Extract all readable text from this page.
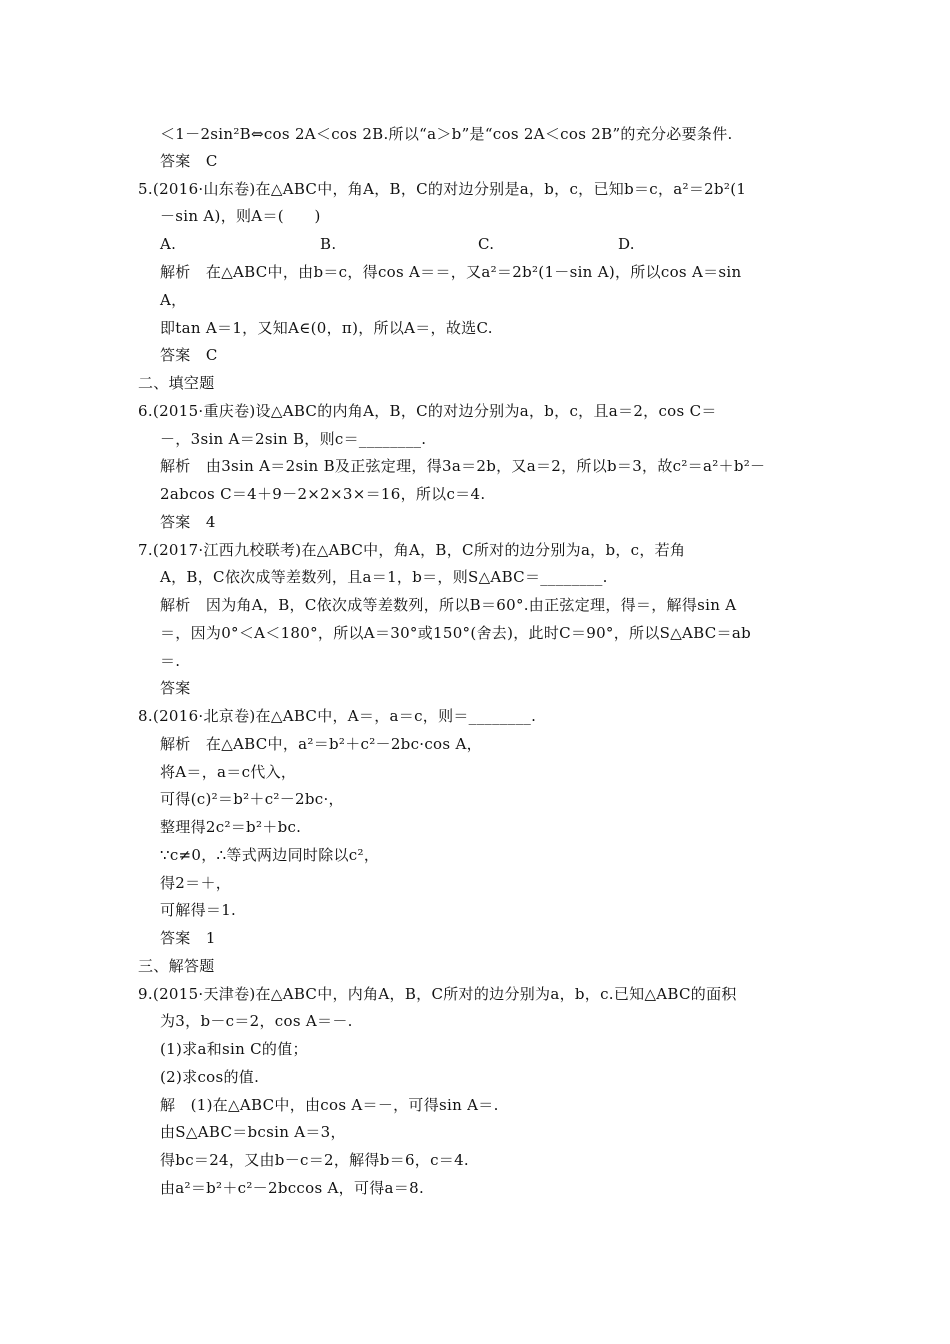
＜1－2sin²B⇔cos 2A＜cos 2B.所以“a＞b”是“cos 2A＜cos 2B”的充分必要条件.
答案　C
5.(2016·山东卷)在△ABC中，角A，B，C的对边分别是a，b，c，已知b＝c，a²＝2b²(1
－sin A)，则A＝(　　)
A.	B.	C.	D.
解析　在△ABC中，由b＝c，得cos A＝＝，又a²＝2b²(1－sin A)，所以cos A＝sin
A，
即tan A＝1，又知A∈(0，π)，所以A＝，故选C.
答案　C
二、填空题
6.(2015·重庆卷)设△ABC的内角A，B，C的对边分别为a，b，c，且a＝2，cos C＝
－，3sin A＝2sin B，则c＝________.
解析　由3sin A＝2sin B及正弦定理，得3a＝2b，又a＝2，所以b＝3，故c²＝a²＋b²－
2abcos C＝4＋9－2×2×3×＝16，所以c＝4.
答案　4
7.(2017·江西九校联考)在△ABC中，角A，B，C所对的边分别为a，b，c，若角
A，B，C依次成等差数列，且a＝1，b＝，则S△ABC＝________.
解析　因为角A，B，C依次成等差数列，所以B＝60°.由正弦定理，得＝，解得sin A
＝，因为0°＜A＜180°，所以A＝30°或150°(舍去)，此时C＝90°，所以S△ABC＝ab
＝.
答案
8.(2016·北京卷)在△ABC中，A＝，a＝c，则＝________.
解析　在△ABC中，a²＝b²＋c²－2bc·cos A，
将A＝，a＝c代入，
可得(c)²＝b²＋c²－2bc·，
整理得2c²＝b²＋bc.
∵c≠0，∴等式两边同时除以c²，
得2＝＋，
可解得＝1.
答案　1
三、解答题
9.(2015·天津卷)在△ABC中，内角A，B，C所对的边分别为a，b，c.已知△ABC的面积
为3，b－c＝2，cos A＝－.
(1)求a和sin C的值；
(2)求cos的值.
解　(1)在△ABC中，由cos A＝－，可得sin A＝.
由S△ABC＝bcsin A＝3，
得bc＝24，又由b－c＝2，解得b＝6，c＝4.
由a²＝b²＋c²－2bccos A，可得a＝8.
